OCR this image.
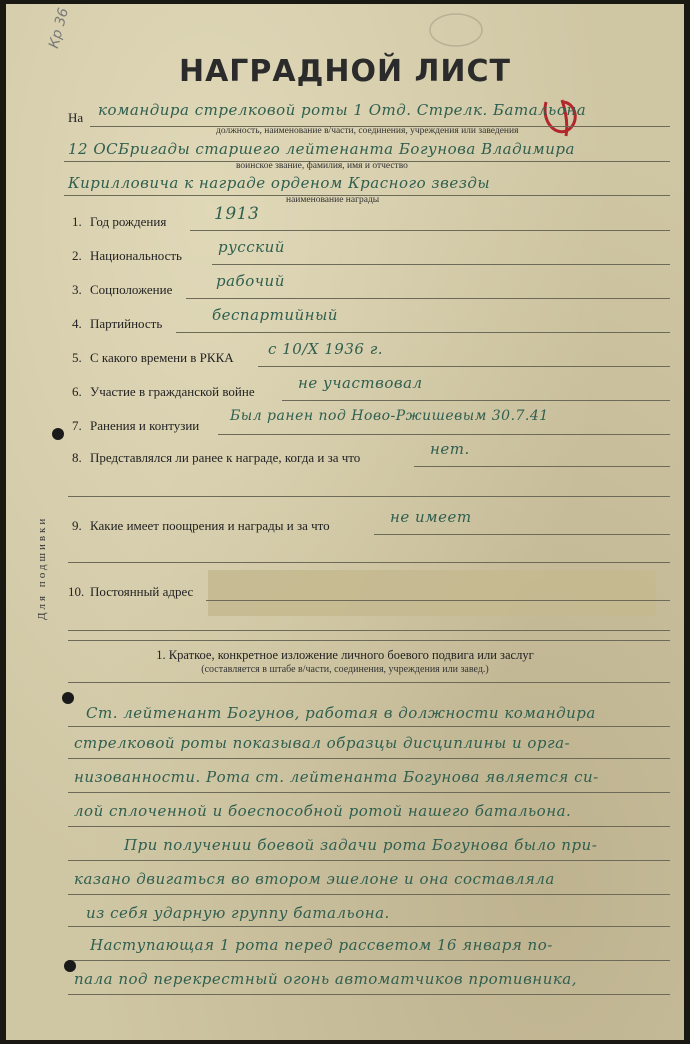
Кр 36
НАГРАДНОЙ ЛИСТ
На командира стрелковой роты 1 Отд. Стрелк. Батальона
должность, наименование в/части, соединения, учреждения или заведения
12 ОСБригады старшего лейтенанта Богунова Владимира
воинское звание, фамилия, имя и отчество
Кирилловича к награде орденом Красного звезды
наименование награды
1. Год рождения	1913
2. Национальность русский
3. Соцположение	рабочий
4. Партийность	беспартийный
5. С какого времени в РККА с 10/X 1936 г.
6. Участие в гражданской войне	не участвовал
7. Ранения и контузии
Был ранен под Ново-Ржишевым 30.7.41
8. Представлялся ли ранее к награде, когда и за что	нет.
9. Какие имеет поощрения и награды и за что	не имеет
10. Постоянный адрес
1. Краткое, конкретное изложение личного боевого подвига или заслуг
(составляется в штабе в/части, соединения, учреждения или завед.)
Ст. лейтенант Богунов, работая в должности командира
стрелковой роты показывал образцы дисциплины и орга-
низованности. Рота ст. лейтенанта Богунова является си-
лой сплоченной и боеспособной ротой нашего батальона.
При получении боевой задачи рота Богунова было при-
казано двигаться во втором эшелоне и она составляла
из себя ударную группу батальона.
Наступающая 1 рота перед рассветом 16 января по-
пала под перекрестный огонь автоматчиков противника,
Для подшивки
